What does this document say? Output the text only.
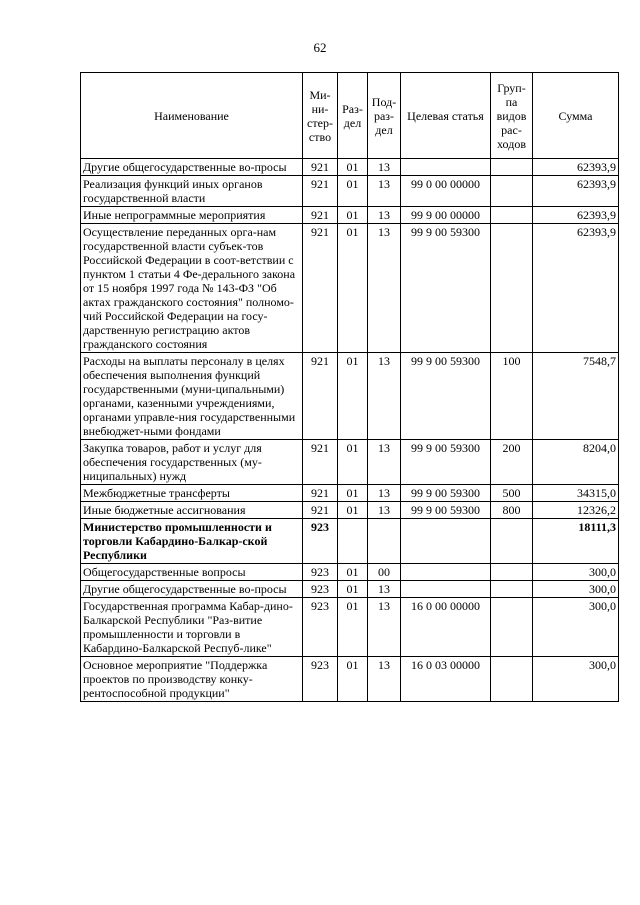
62
Наименование	Ми-ни-стер-ство	Раз-дел	Под-раз-дел	Целевая статья	Груп-па видов рас-ходов	Сумма
Другие общегосударственные во-просы	921	01	13			62393,9
Реализация функций иных органов государственной власти	921	01	13	99 0 00 00000		62393,9
Иные непрограммные мероприятия	921	01	13	99 9 00 00000		62393,9
Осуществление переданных орга-нам государственной власти субъек-тов Российской Федерации в соот-ветствии с пунктом 1 статьи 4 Фе-дерального закона от 15 ноября 1997 года № 143-ФЗ "Об актах гражданского состояния" полномо-чий Российской Федерации на госу-дарственную регистрацию актов гражданского состояния	921	01	13	99 9 00 59300		62393,9
Расходы на выплаты персоналу в целях обеспечения выполнения функций государственными (муни-ципальными) органами, казенными учреждениями, органами управле-ния государственными внебюджет-ными фондами	921	01	13	99 9 00 59300	100	7548,7
Закупка товаров, работ и услуг для обеспечения государственных (му-ниципальных) нужд	921	01	13	99 9 00 59300	200	8204,0
Межбюджетные трансферты	921	01	13	99 9 00 59300	500	34315,0
Иные бюджетные ассигнования	921	01	13	99 9 00 59300	800	12326,2
Министерство промышленности и торговли Кабардино-Балкар-ской Республики	923					18111,3
Общегосударственные вопросы	923	01	00			300,0
Другие общегосударственные во-просы	923	01	13			300,0
Государственная программа Кабар-дино-Балкарской Республики "Раз-витие промышленности и торговли в Кабардино-Балкарской Респуб-лике"	923	01	13	16 0 00 00000		300,0
Основное мероприятие "Поддержка проектов по производству конку-рентоспособной продукции"	923	01	13	16 0 03 00000		300,0
